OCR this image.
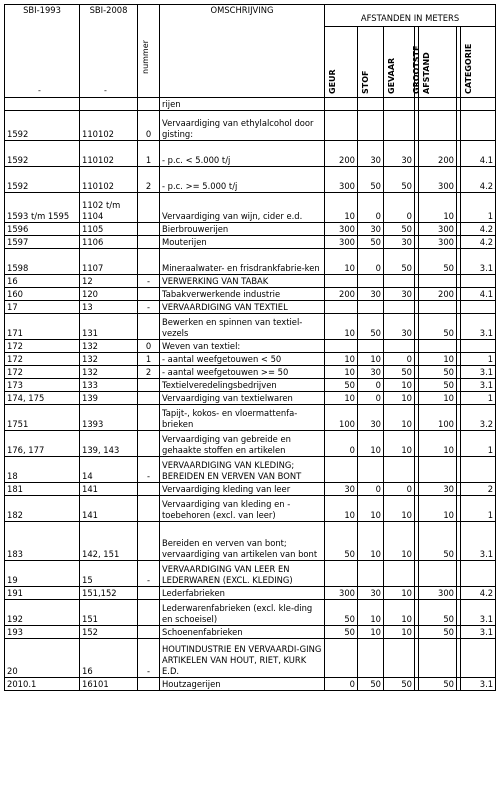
SBI-1993	SBI-2008	nummer	OMSCHRIJVING	AFSTANDEN IN METERS						

				GEUR	STOF	GEVAAR		GROOTSTE AFSTAND		CATEGORIE

			rijen							
1592	110102	0	Vervaardiging van ethylalcohol door gisting:							
1592	110102	1	- p.c. < 5.000 t/j	200	30	30		200		4.1
1592	110102	2	- p.c. >= 5.000 t/j	300	50	50		300		4.2
1593 t/m 1595	1102 t/m 1104		Vervaardiging van wijn, cider e.d.	10	0	0		10		1
1596	1105		Bierbrouwerijen	300	30	50		300		4.2
1597	1106		Mouterijen	300	50	30		300		4.2
1598	1107		Mineraalwater- en frisdrankfabrie-ken	10	0	50		50		3.1
16	12	-	VERWERKING VAN TABAK							
160	120		Tabakverwerkende industrie	200	30	30		200		4.1
17	13	-	VERVAARDIGING VAN TEXTIEL							
171	131		Bewerken en spinnen van textiel-vezels	10	50	30		50		3.1
172	132	0	Weven van textiel:							
172	132	1	- aantal weefgetouwen < 50	10	10	0		10		1
172	132	2	- aantal weefgetouwen >= 50	10	30	50		50		3.1
173	133		Textielveredelingsbedrijven	50	0	10		50		3.1
174, 175	139		Vervaardiging van textielwaren	10	0	10		10		1
1751	1393		Tapijt-, kokos- en vloermattenfa-brieken	100	30	10		100		3.2
176, 177	139, 143		Vervaardiging van gebreide en gehaakte stoffen en artikelen	0	10	10		10		1
18	14	-	VERVAARDIGING VAN KLEDING; BEREIDEN EN VERVEN VAN BONT							
181	141		Vervaardiging kleding van leer	30	0	0		30		2
182	141		Vervaardiging van kleding en -toebehoren (excl. van leer)	10	10	10		10		1
183	142, 151		Bereiden en verven van bont; vervaardiging van artikelen van bont	50	10	10		50		3.1
19	15	-	VERVAARDIGING VAN LEER EN LEDERWAREN (EXCL. KLEDING)							
191	151,152		Lederfabrieken	300	30	10		300		4.2
192	151		Lederwarenfabrieken (excl. kle-ding en schoeisel)	50	10	10		50		3.1
193	152		Schoenenfabrieken	50	10	10		50		3.1
20	16	-	HOUTINDUSTRIE EN VERVAARDI-GING ARTIKELEN VAN HOUT, RIET, KURK E.D.							
2010.1	16101		Houtzagerijen	0	50	50		50		3.1
-	-
